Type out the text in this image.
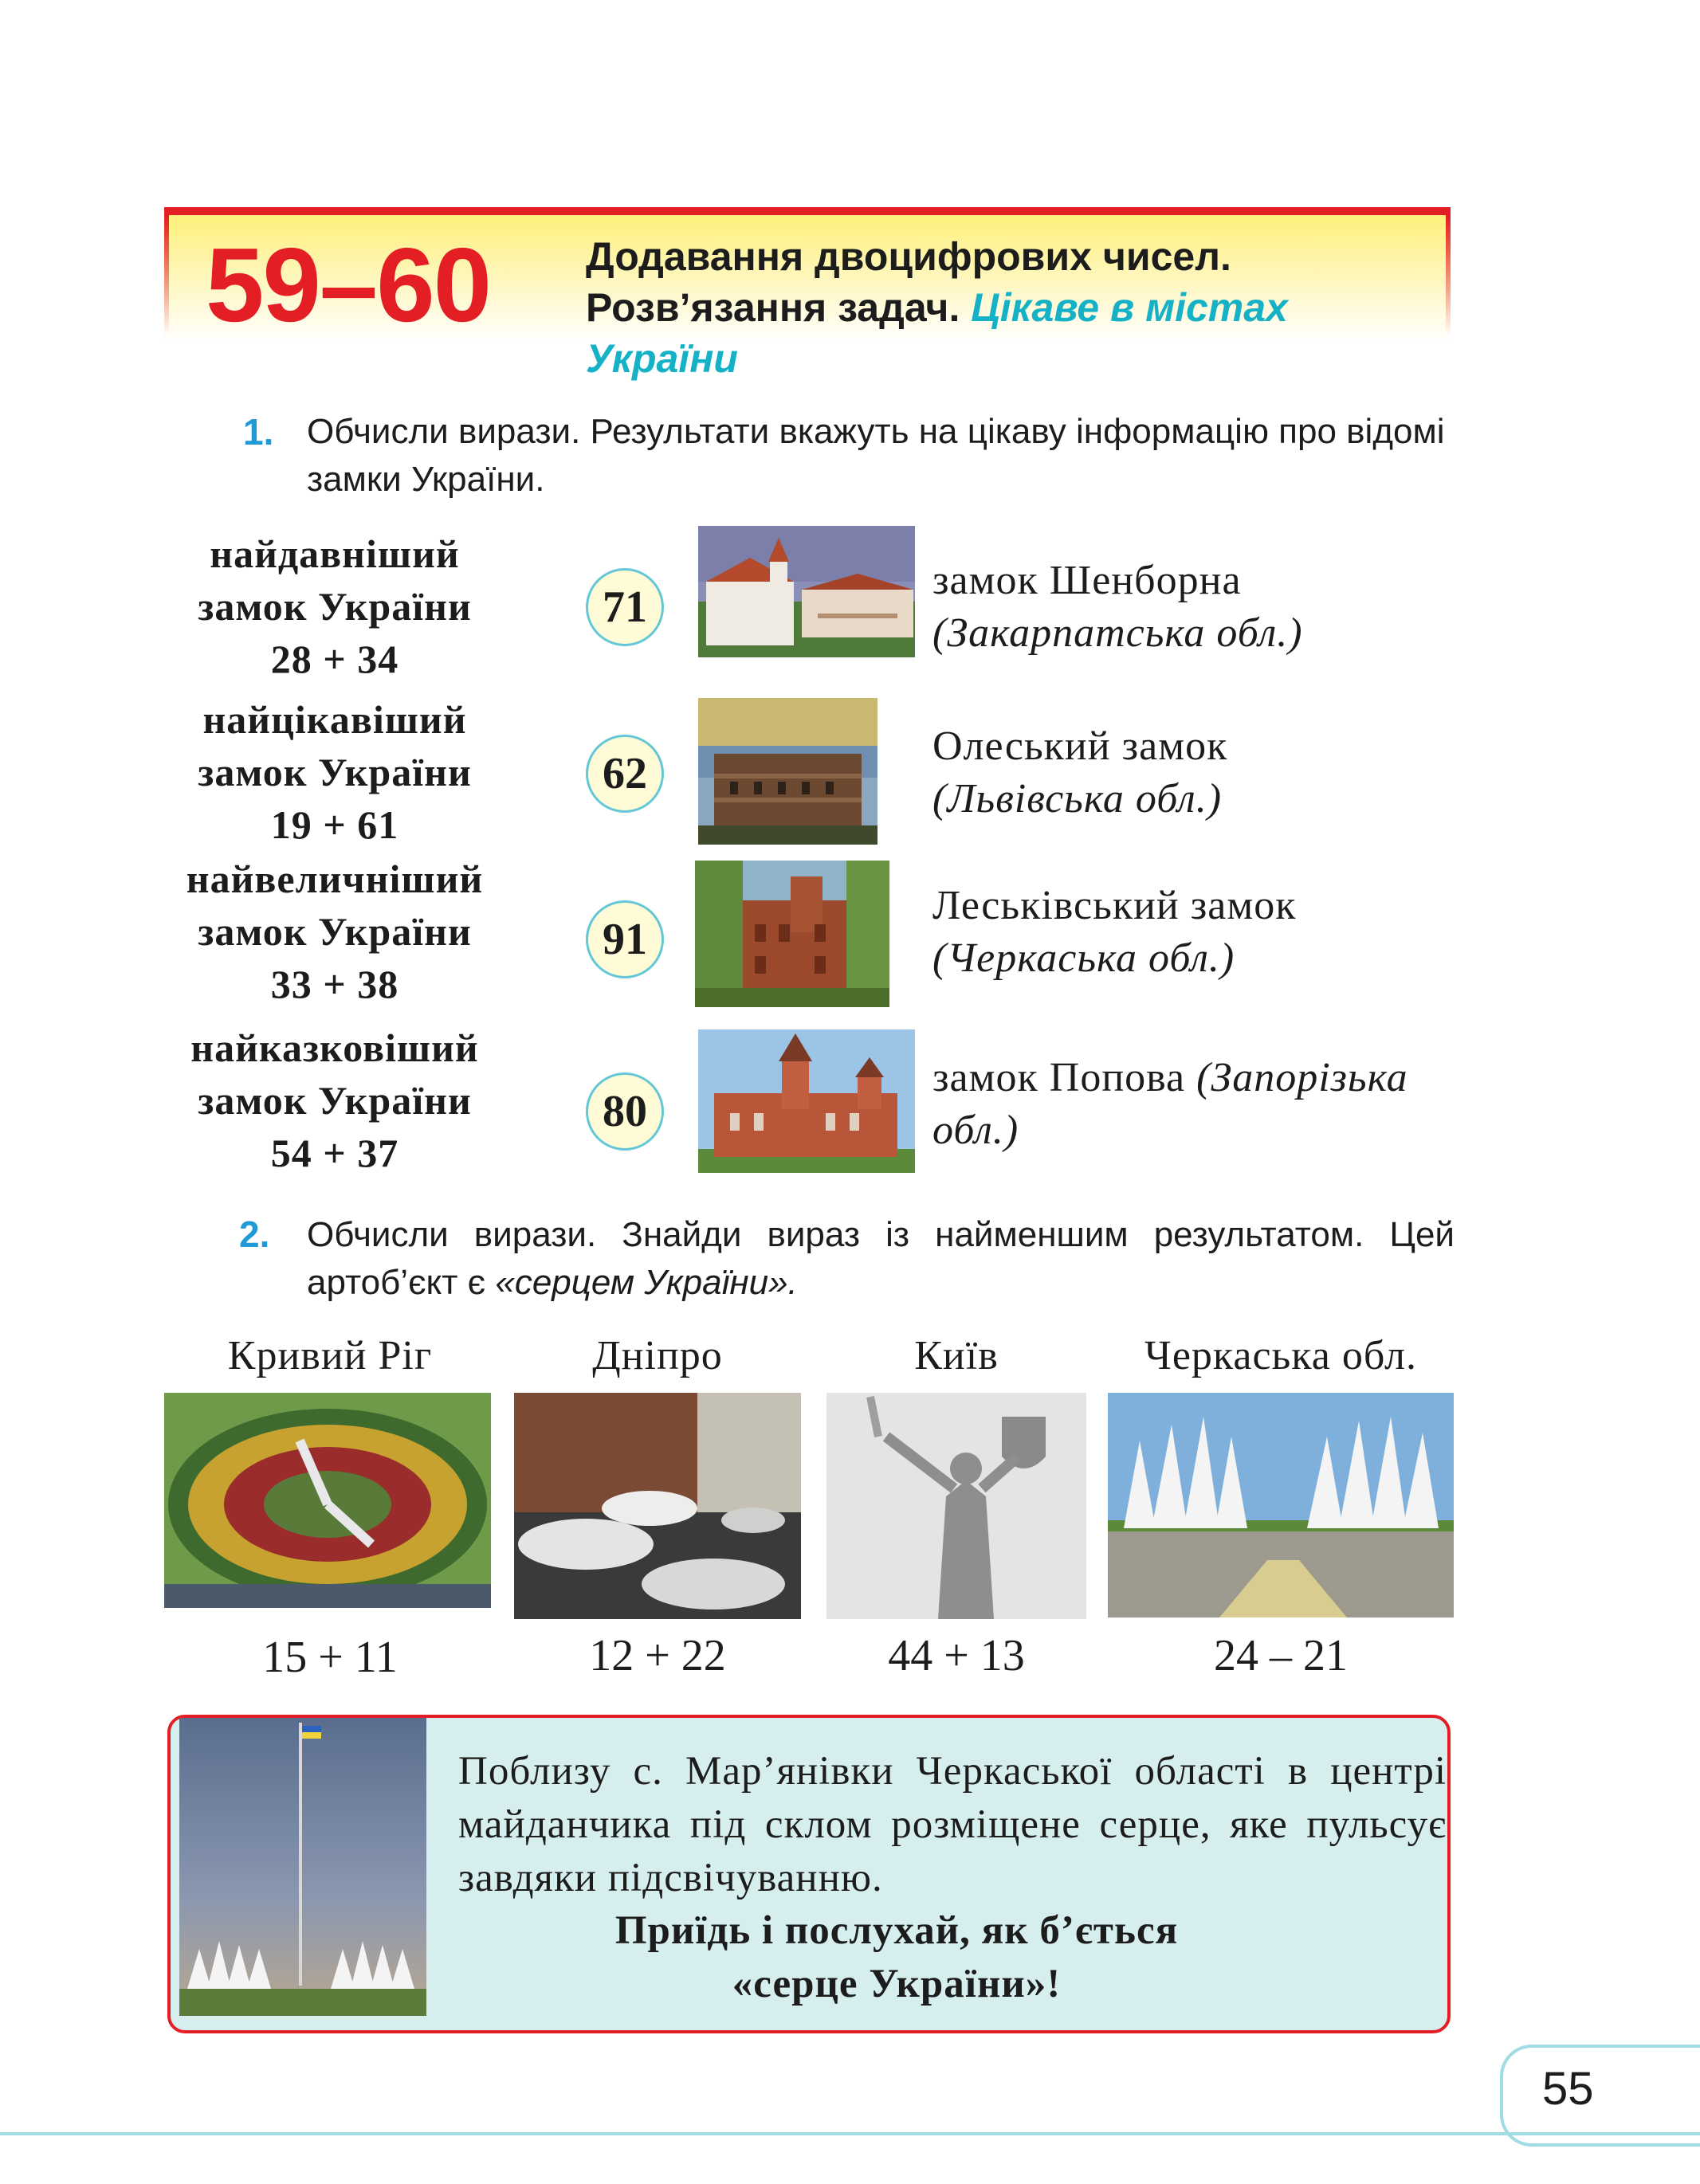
59–60 Додавання двоцифрових чисел.
Розв’язання задач. Цікаве в містах України
1. Обчисли вирази. Результати вкажуть на цікаву інформацію про відомі замки України.
найдавніший
замок України
28 + 34
71
замок Шенборна
(Закарпатська обл.)
найцікавіший
замок України
19 + 61
62
Олеський замок
(Львівська обл.)
найвеличніший
замок України
33 + 38
91
Леськівський замок
(Черкаська обл.)
найказковіший
замок України
54 + 37
80
замок Попова (Запорізька обл.)
2. Обчисли вирази. Знайди вираз із найменшим результатом. Цей артоб’єкт є «серцем України».
Кривий Ріг	Дніпро	Київ	Черкаська обл.
15 + 11	12 + 22	44 + 13	24 – 21
Поблизу с. Мар’янівки Черкаської області в центрі майданчика під склом розміщене серце, яке пульсує завдяки підсвічуванню.
Приїдь і послухай, як б’ється
«серце України»!
55
